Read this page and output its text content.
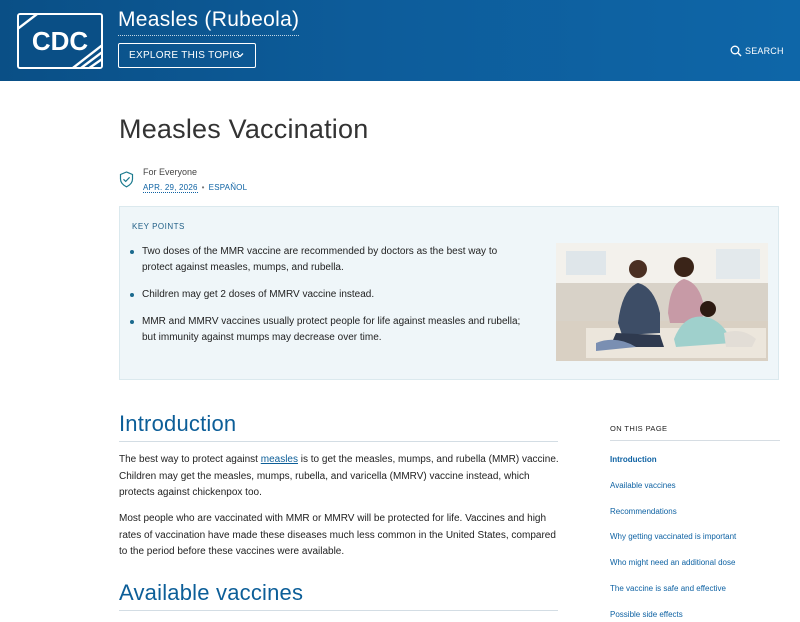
CDC
Measles (Rubeola)
EXPLORE THIS TOPIC	SEARCH
Measles Vaccination
For Everyone
APR. 29, 2026 • ESPAÑOL
KEY POINTS
Two doses of the MMR vaccine are recommended by doctors as the best way to protect against measles, mumps, and rubella.
Children may get 2 doses of MMRV vaccine instead.
MMR and MMRV vaccines usually protect people for life against measles and rubella; but immunity against mumps may decrease over time.
Introduction

The best way to protect against measles is to get the measles, mumps, and rubella (MMR) vaccine. Children may get the measles, mumps, rubella, and varicella (MMRV) vaccine instead, which protects against chickenpox too.

Most people who are vaccinated with MMR or MMRV will be protected for life. Vaccines and high rates of vaccination have made these diseases much less common in the United States, compared to the period before these vaccines were available.

Available vaccines
ON THIS PAGE
Introduction
Available vaccines
Recommendations
Why getting vaccinated is important
Who might need an additional dose
The vaccine is safe and effective
Possible side effects
